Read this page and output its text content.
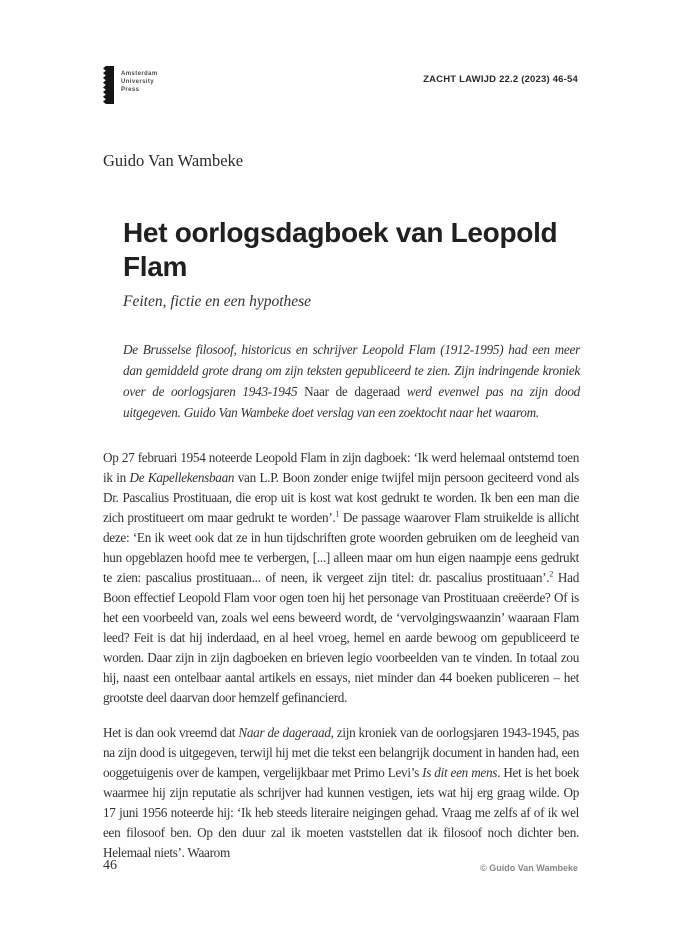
Amsterdam
University
Press
ZACHT LAWIJD 22.2 (2023) 46-54
Guido Van Wambeke
Het oorlogsdagboek van Leopold Flam
Feiten, fictie en een hypothese
De Brusselse filosoof, historicus en schrijver Leopold Flam (1912-1995) had een meer dan gemiddeld grote drang om zijn teksten gepubliceerd te zien. Zijn indringende kroniek over de oorlogsjaren 1943-1945 Naar de dageraad werd evenwel pas na zijn dood uitgegeven. Guido Van Wambeke doet verslag van een zoektocht naar het waarom.

Op 27 februari 1954 noteerde Leopold Flam in zijn dagboek: ‘Ik werd helemaal ontstemd toen ik in De Kapellekensbaan van L.P. Boon zonder enige twijfel mijn persoon geciteerd vond als Dr. Pascalius Prostituaan, die erop uit is kost wat kost gedrukt te worden. Ik ben een man die zich prostitueert om maar gedrukt te worden’.$^1$ De passage waarover Flam struikelde is allicht deze: ‘En ik weet ook dat ze in hun tijdschriften grote woorden gebruiken om de leegheid van hun opgeblazen hoofd mee te verbergen, [...] alleen maar om hun eigen naampje eens gedrukt te zien: pascalius prostituaan... of neen, ik vergeet zijn titel: dr. pascalius prostituaan’.$^2$ Had Boon effectief Leopold Flam voor ogen toen hij het personage van Prostituaan creëerde? Of is het een voorbeeld van, zoals wel eens beweerd wordt, de ‘vervolgingswaanzin’ waaraan Flam leed? Feit is dat hij inderdaad, en al heel vroeg, hemel en aarde bewoog om gepubliceerd te worden. Daar zijn in zijn dagboeken en brieven legio voorbeelden van te vinden. In totaal zou hij, naast een ontelbaar aantal artikels en essays, niet minder dan 44 boeken publiceren – het grootste deel daarvan door hemzelf gefinancierd.

Het is dan ook vreemd dat Naar de dageraad, zijn kroniek van de oorlogsjaren 1943-1945, pas na zijn dood is uitgegeven, terwijl hij met die tekst een belangrijk document in handen had, een ooggetuigenis over de kampen, vergelijkbaar met Primo Levi’s Is dit een mens. Het is het boek waarmee hij zijn reputatie als schrijver had kunnen vestigen, iets wat hij erg graag wilde. Op 17 juni 1956 noteerde hij: ‘Ik heb steeds literaire neigingen gehad. Vraag me zelfs af of ik wel een filosoof ben. Op den duur zal ik moeten vaststellen dat ik filosoof noch dichter ben. Helemaal niets’. Waarom

46	© Guido Van Wambeke
